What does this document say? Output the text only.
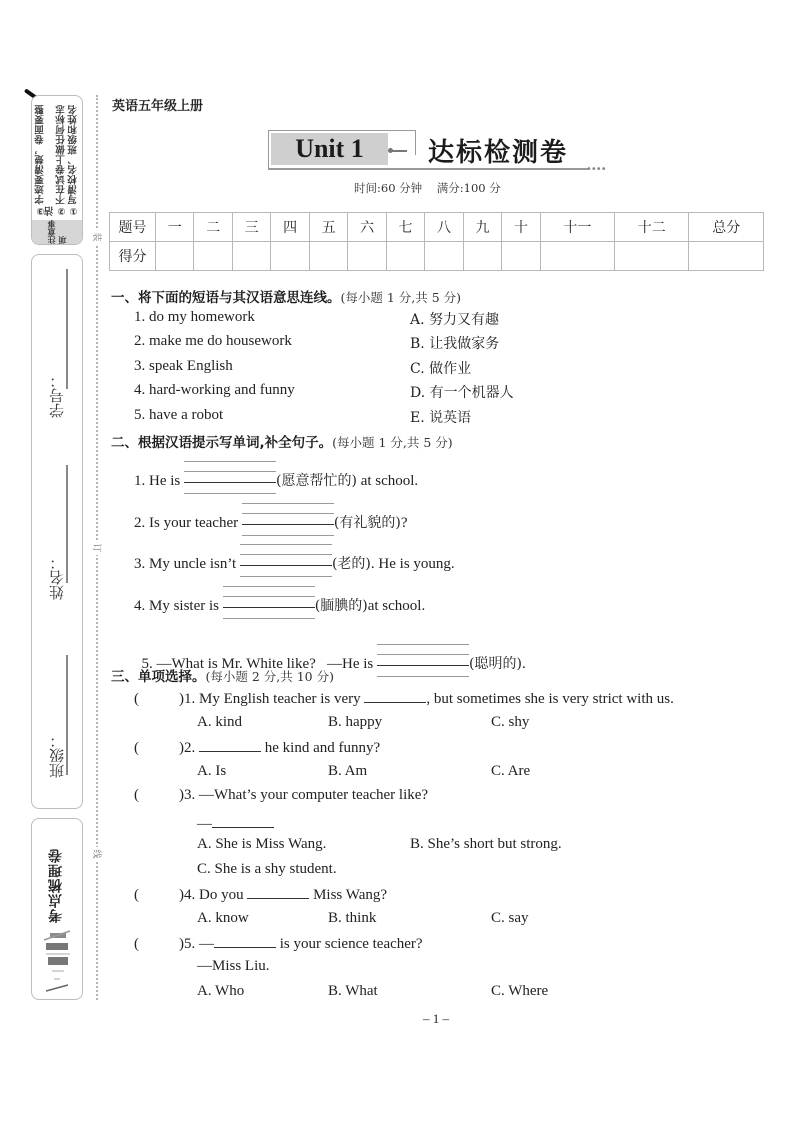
①写清校名、班级和姓名
②不在试卷上做任何标志
③字迹要清楚，卷面要整洁
注意事项
学号：
姓名：
班级：
考点梳理卷
装
订
线
英语五年级上册
Unit 1	达标检测卷
••••
时间:60 分钟    满分:100 分
题号	一	二	三	四	五	六	七	八	九	十	十一	十二	总分
得分													
一、将下面的短语与其汉语意思连线。(每小题 1 分,共 5 分)
1. do my homework
2. make me do housework
3. speak English
4. hard-working and funny
5. have a robot
A. 努力又有趣
B. 让我做家务
C. 做作业
D. 有一个机器人
E. 说英语
二、根据汉语提示写单词,补全句子。(每小题 1 分,共 5 分)
1. He is	(愿意帮忙的) at school.
2. Is your teacher	(有礼貌的)?
3. My uncle isn’t	(老的). He is young.
4. My sister is	(腼腆的)at school.

5. —What is Mr. White like?   —He is	(聪明的).

三、单项选择。(每小题 2 分,共 10 分)
(	)1. My English teacher is very	, but sometimes she is very strict with us.
A. kind	B. happy	C. shy
(	)2.	he kind and funny?
A. Is	B. Am	C. Are
(	)3. —What’s your computer teacher like?
—
A. She is Miss Wang.	B. She’s short but strong.
C. She is a shy student.
(	)4. Do you	Miss Wang?
A. know	B. think	C. say
(	)5. —	is your science teacher?
—Miss Liu.
A. Who	B. What	C. Where
– 1 –
